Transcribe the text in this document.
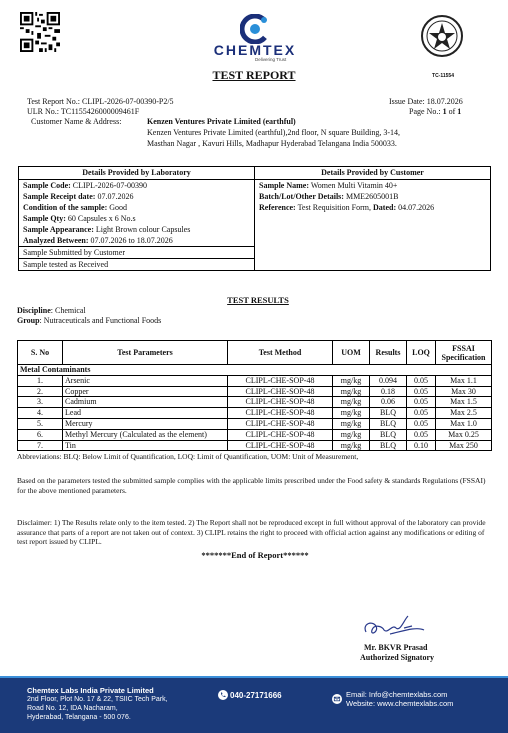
CHEMTEX
Delivering Trust
TEST REPORT	TC-11554
Test Report No.: CLIPL-2026-07-00390-P2/5
ULR No.: TC1155426000009461F
Issue Date: 18.07.2026
Page No.: 1 of 1
Customer Name & Address:	Kenzen Ventures Private Limited (earthful)
Kenzen Ventures Private Limited (earthful),2nd floor, N square Building, 3-14,
Masthan Nagar , Kavuri Hills, Madhapur Hyderabad Telangana India 500033.
Details Provided by Laboratory	Details Provided by Customer
Sample Code: CLIPL-2026-07-00390	Sample Name: Women Multi Vitamin 40+
Sample Receipt date: 07.07.2026	Batch/Lot/Other Details: MME2605001B
Condition of the sample: Good	Reference: Test Requisition Form, Dated: 04.07.2026
Sample Qty: 60 Capsules x 6 No.s	
Sample Appearance: Light Brown colour Capsules	
Analyzed Between: 07.07.2026 to 18.07.2026	
Sample Submitted by Customer	
Sample tested as Received	
TEST RESULTS
Discipline: Chemical
Group: Nutraceuticals and Functional Foods
S. No	Test Parameters	Test Method	UOM	Results	LOQ	FSSAI Specification
Metal Contaminants						
1.	Arsenic	CLIPL-CHE-SOP-48	mg/kg	0.094	0.05	Max 1.1
2.	Copper	CLIPL-CHE-SOP-48	mg/kg	0.18	0.05	Max 30
3.	Cadmium	CLIPL-CHE-SOP-48	mg/kg	0.06	0.05	Max 1.5
4.	Lead	CLIPL-CHE-SOP-48	mg/kg	BLQ	0.05	Max 2.5
5.	Mercury	CLIPL-CHE-SOP-48	mg/kg	BLQ	0.05	Max 1.0
6.	Methyl Mercury (Calculated as the element)	CLIPL-CHE-SOP-48	mg/kg	BLQ	0.05	Max 0.25
7.	Tin	CLIPL-CHE-SOP-48	mg/kg	BLQ	0.10	Max 250
Abbreviations: BLQ: Below Limit of Quantification, LOQ: Limit of Quantification, UOM: Unit of Measurement,
Based on the parameters tested the submitted sample complies with the applicable limits prescribed under the Food safety & standards Regulations (FSSAI) for the above mentioned parameters.
Disclaimer: 1) The Results relate only to the item tested. 2) The Report shall not be reproduced except in full without approval of the laboratory can provide assurance that parts of a report are not taken out of context. 3) CLIPL retains the right to proceed with official action against any modifications or editing of test report issued by CLIPL.
*******End of Report******
Mr. BKVR Prasad
Authorized Signatory
Chemtex Labs India Private Limited
2nd Floor, Plot No. 17 & 22, TSIIC Tech Park,
Road No. 12, IDA Nacharam,
Hyderabad, Telangana - 500 076.
040-27171666	Email: Info@chemtexlabs.com
Website: www.chemtexlabs.com
